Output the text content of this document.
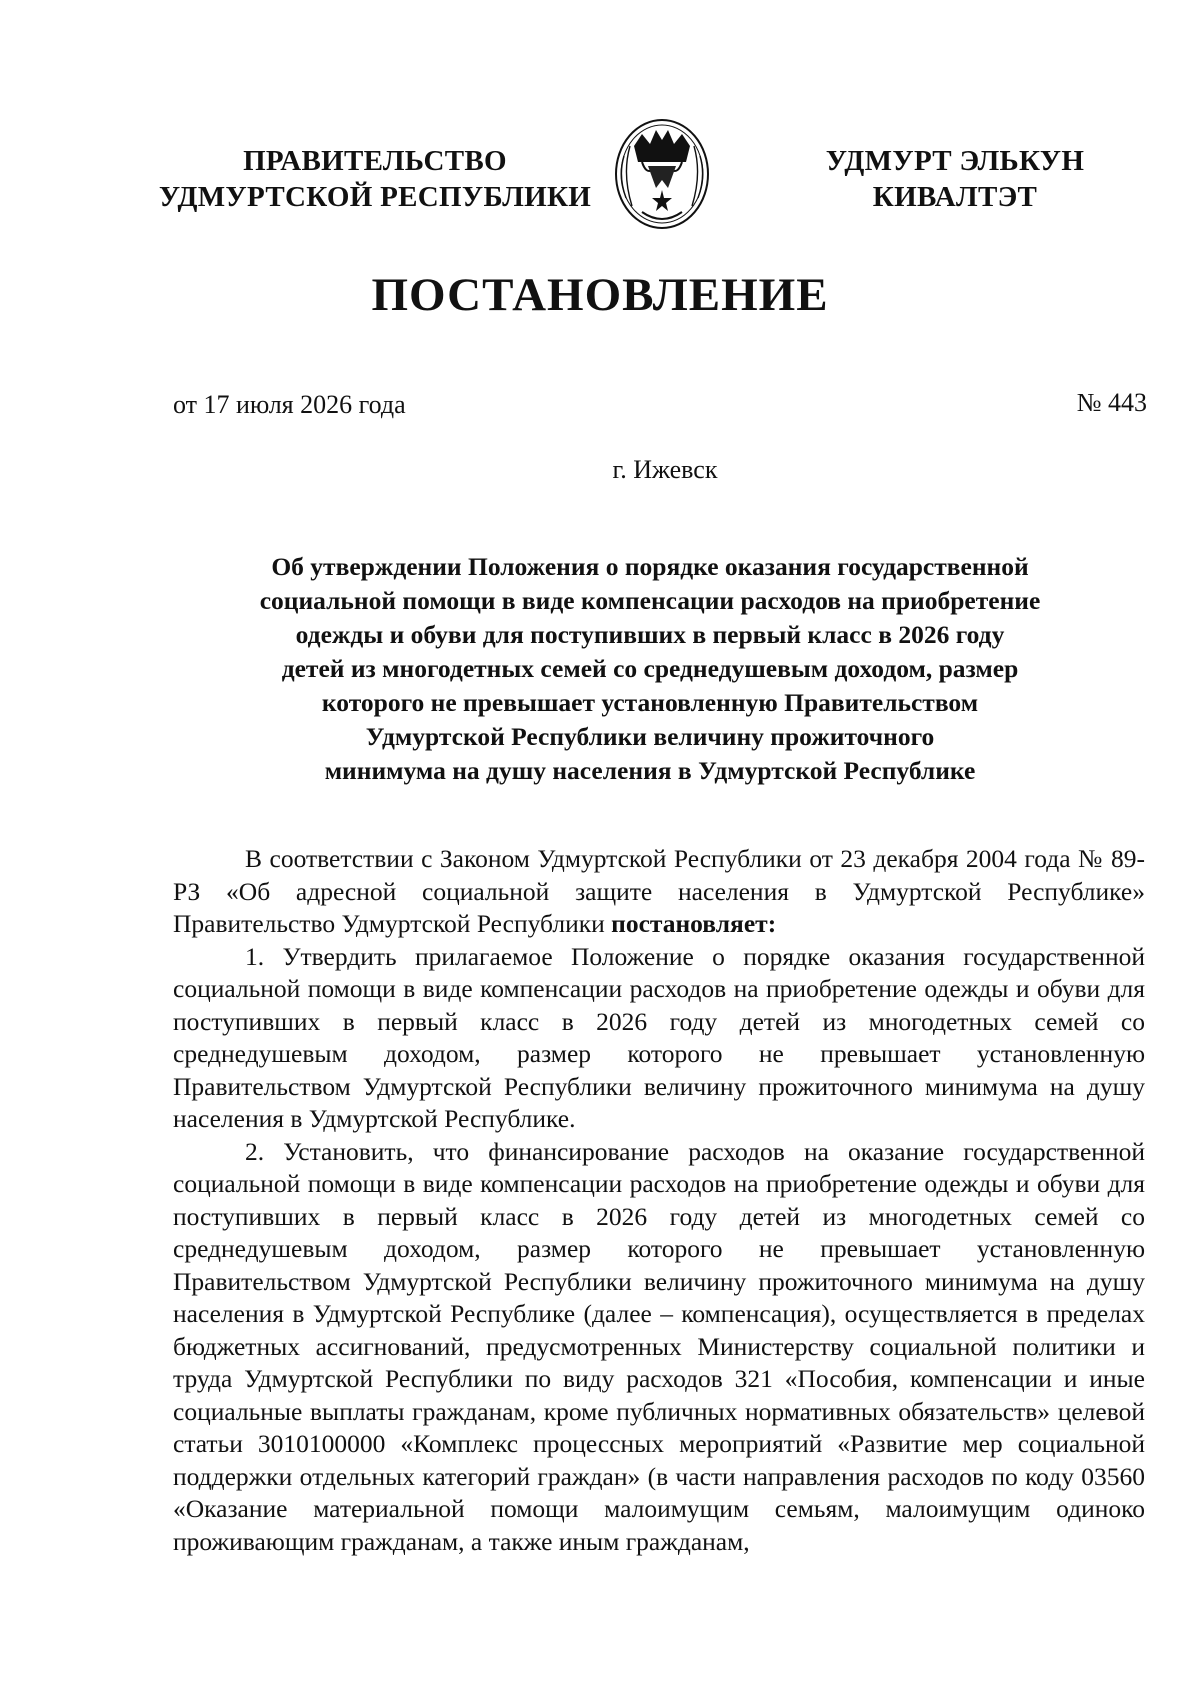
ПРАВИТЕЛЬСТВО
УДМУРТСКОЙ РЕСПУБЛИКИ
УДМУРТ ЭЛЬКУН
КИВАЛТЭТ
ПОСТАНОВЛЕНИЕ
от 17 июля 2026 года	№ 443
г. Ижевск
Об утверждении Положения о порядке оказания государственной
социальной помощи в виде компенсации расходов на приобретение
одежды и обуви для поступивших в первый класс в 2026 году
детей из многодетных семей со среднедушевым доходом, размер
которого не превышает установленную Правительством
Удмуртской Республики величину прожиточного
минимума на душу населения в Удмуртской Республике

В соответствии с Законом Удмуртской Республики от 23 декабря 2004 года № 89-РЗ «Об адресной социальной защите населения в Удмуртской Республике» Правительство Удмуртской Республики постановляет:

1. Утвердить прилагаемое Положение о порядке оказания государственной социальной помощи в виде компенсации расходов на приобретение одежды и обуви для поступивших в первый класс в 2026 году детей из многодетных семей со среднедушевым доходом, размер которого не превышает установленную Правительством Удмуртской Республики величину прожиточного минимума на душу населения в Удмуртской Республике.

2. Установить, что финансирование расходов на оказание государственной социальной помощи в виде компенсации расходов на приобретение одежды и обуви для поступивших в первый класс в 2026 году детей из многодетных семей со среднедушевым доходом, размер которого не превышает установленную Правительством Удмуртской Республики величину прожиточного минимума на душу населения в Удмуртской Республике (далее – компенсация), осуществляется в пределах бюджетных ассигнований, предусмотренных Министерству социальной политики и труда Удмуртской Республики по виду расходов 321 «Пособия, компенсации и иные социальные выплаты гражданам, кроме публичных нормативных обязательств» целевой статьи 3010100000 «Комплекс процессных мероприятий «Развитие мер социальной поддержки отдельных категорий граждан» (в части направления расходов по коду 03560 «Оказание материальной помощи малоимущим семьям, малоимущим одиноко проживающим гражданам, а также иным гражданам,
